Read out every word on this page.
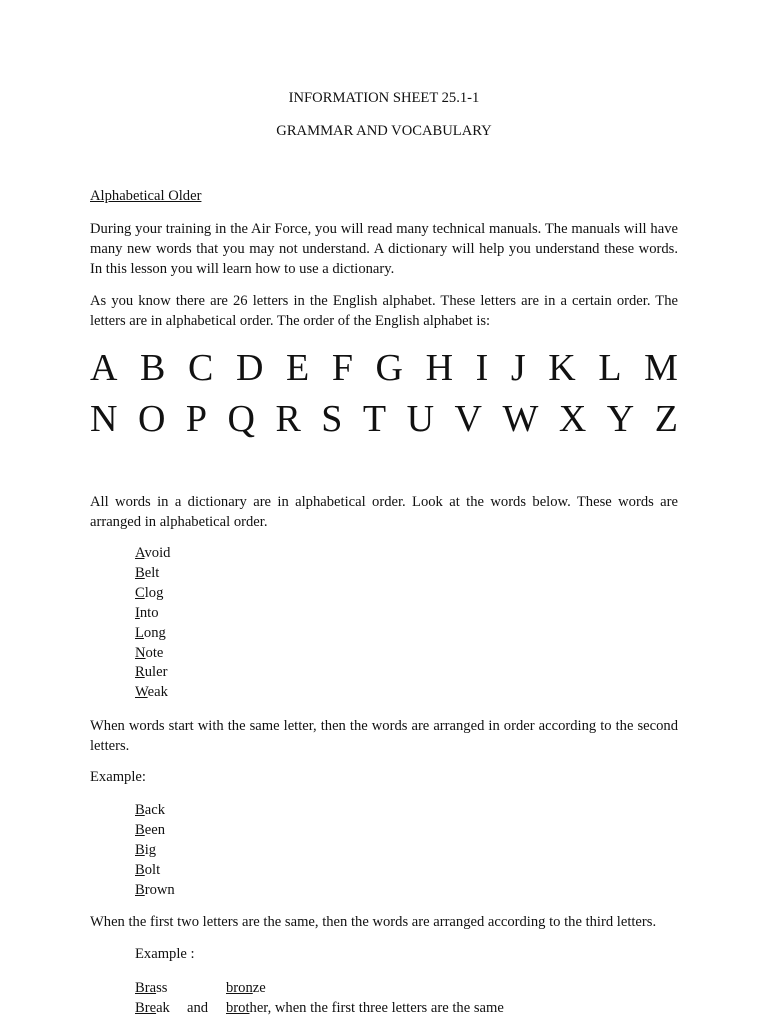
INFORMATION SHEET 25.1-1
GRAMMAR AND VOCABULARY
Alphabetical Older

During your training in the Air Force, you will read many technical manuals. The manuals will have many new words that you may not understand. A dictionary will help you understand these words. In this lesson you will learn how to use a dictionary.

As you know there are 26 letters in the English alphabet. These letters are in a certain order. The letters are in alphabetical order. The order of the English alphabet is:

A B C D E F G H I J K L M
N O P Q R S T U V W X Y Z

All words in a dictionary are in alphabetical order. Look at the words below. These words are arranged in alphabetical order.

Avoid
Belt
Clog
Into
Long
Note
Ruler
Weak

When words start with the same letter, then the words are arranged in order according to the second letters.

Example:
Back
Been
Big
Bolt
Brown
When the first two letters are the same, then the words are arranged according to the third letters.
Example :
Brass	bronze
Break and brother, when the first three letters are the same
